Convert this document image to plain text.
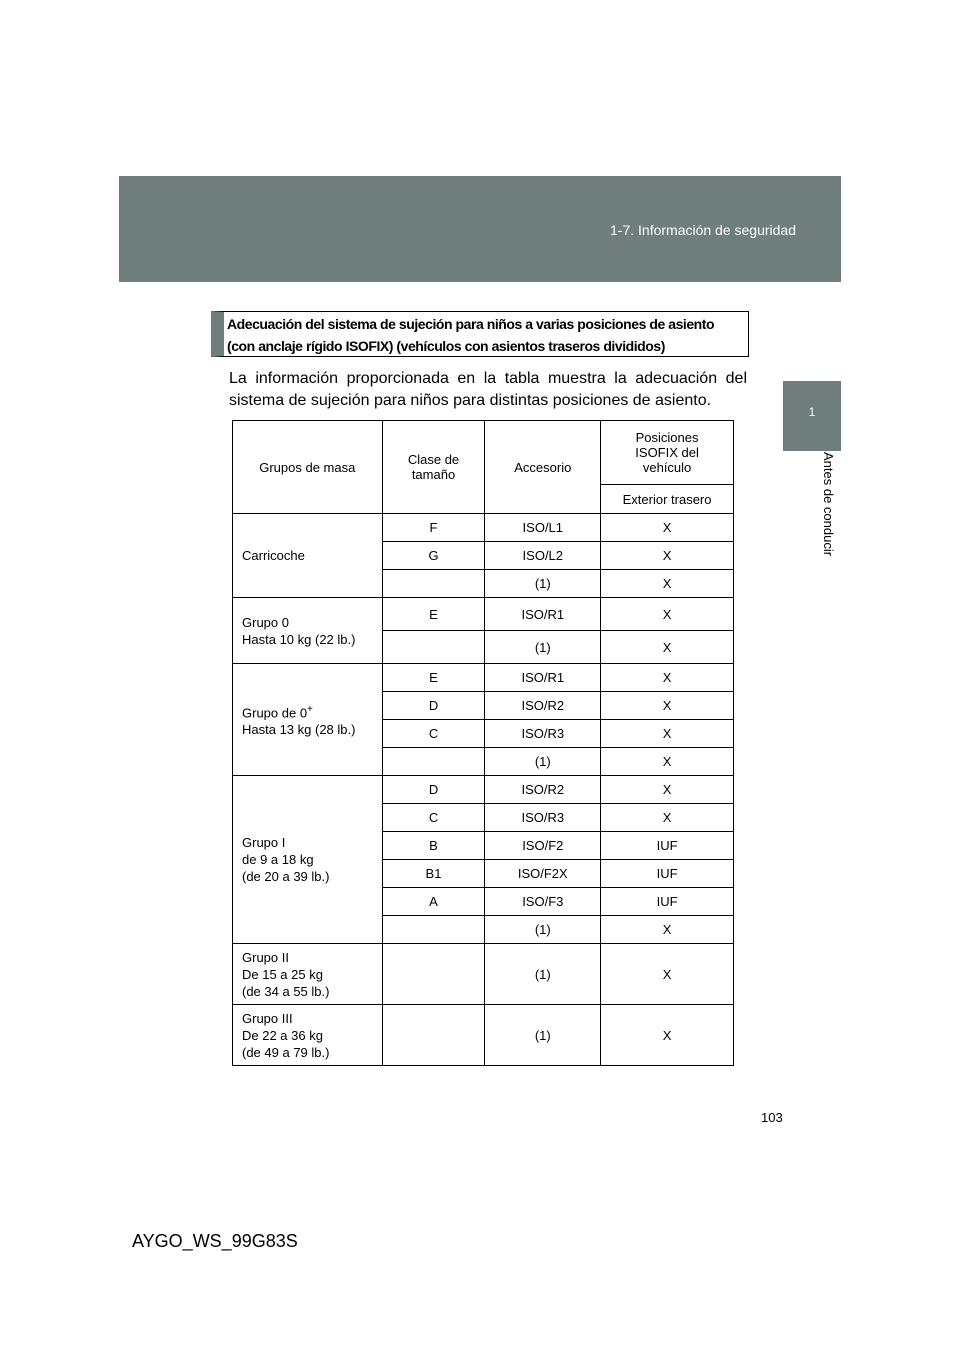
1-7. Información de seguridad
1
Antes de conducir
Adecuación del sistema de sujeción para niños a varias posiciones de asiento
(con anclaje rígido ISOFIX) (vehículos con asientos traseros divididos)

La información proporcionada en la tabla muestra la adecuación del sistema de sujeción para niños para distintas posiciones de asiento.

Grupos de masa	Clase de tamaño	Accesorio	Posiciones ISOFIX del vehículo
			Exterior trasero

Carricoche	F	ISO/L1	X
	G	ISO/L2	X
		(1)	X

Grupo 0
Hasta 10 kg (22 lb.)	E	ISO/R1	X
		(1)	X

Grupo de 0+
Hasta 13 kg (28 lb.)	E	ISO/R1	X
	D	ISO/R2	X
	C	ISO/R3	X
		(1)	X

Grupo I
de 9 a 18 kg
(de 20 a 39 lb.)	D	ISO/R2	X
	C	ISO/R3	X
	B	ISO/F2	IUF
	B1	ISO/F2X	IUF
	A	ISO/F3	IUF
		(1)	X

Grupo II
De 15 a 25 kg
(de 34 a 55 lb.)		(1)	X

Grupo III
De 22 a 36 kg
(de 49 a 79 lb.)		(1)	X
103
AYGO_WS_99G83S
